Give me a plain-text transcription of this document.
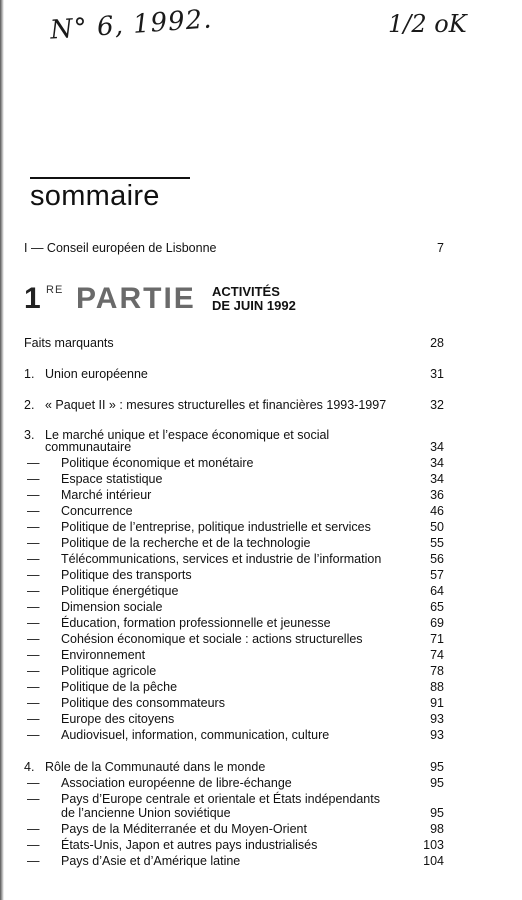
N° 6, 1992.	1/2 oK
sommaire
I — Conseil européen de Lisbonne	7
1 RE PARTIE ACTIVITÉS
DE JUIN 1992
Faits marquants	28
1. Union européenne	31
2. « Paquet II » : mesures structurelles et financières 1993-1997	32
3. Le marché unique et l’espace économique et social
communautaire	34
— Politique économique et monétaire	34
— Espace statistique	34
— Marché intérieur	36
— Concurrence	46
— Politique de l’entreprise, politique industrielle et services	50
— Politique de la recherche et de la technologie	55
— Télécommunications, services et industrie de l’information	56
— Politique des transports	57
— Politique énergétique	64
— Dimension sociale	65
— Éducation, formation professionnelle et jeunesse	69
— Cohésion économique et sociale : actions structurelles	71
— Environnement	74
— Politique agricole	78
— Politique de la pêche	88
— Politique des consommateurs	91
— Europe des citoyens	93
— Audiovisuel, information, communication, culture	93
4. Rôle de la Communauté dans le monde	95
— Association européenne de libre-échange	95
— Pays d’Europe centrale et orientale et États indépendants
de l’ancienne Union soviétique	95
— Pays de la Méditerranée et du Moyen-Orient	98
— États-Unis, Japon et autres pays industrialisés	103
— Pays d’Asie et d’Amérique latine	104
